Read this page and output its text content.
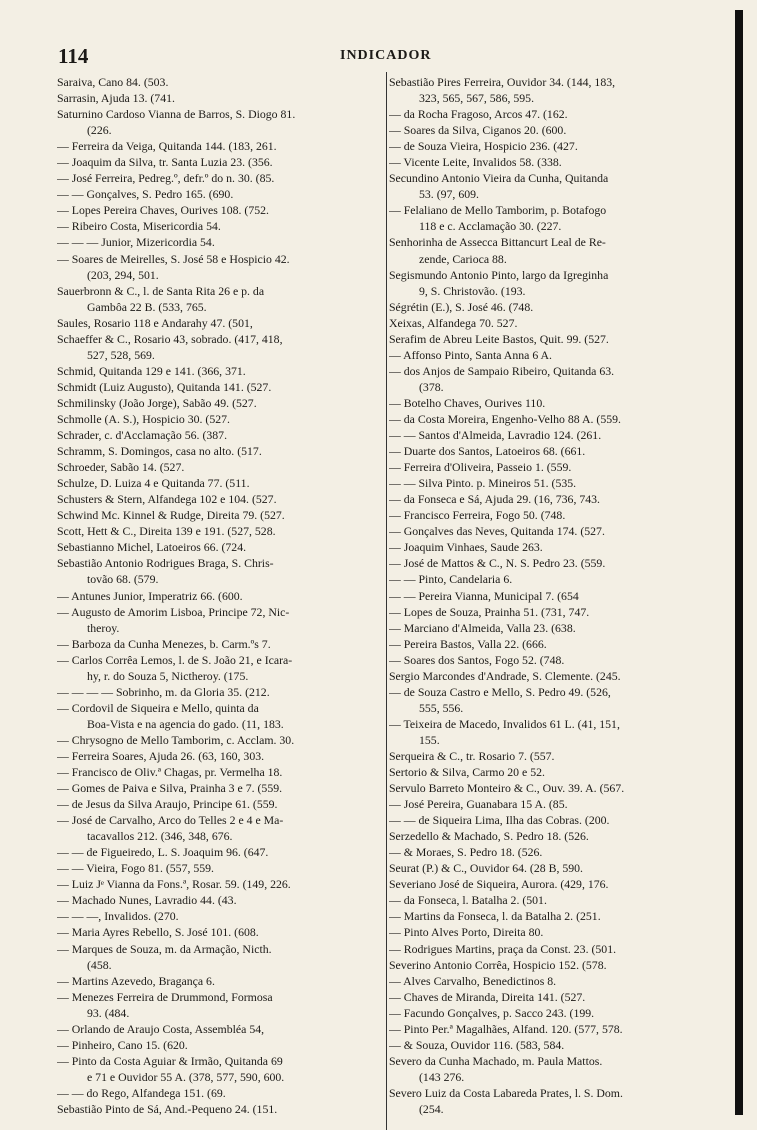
114	INDICADOR
Saraiva, Cano 84. (503.
Sarrasin, Ajuda 13. (741.
Saturnino Cardoso Vianna de Barros, S. Diogo 81.
(226.
— Ferreira da Veiga, Quitanda 144. (183, 261.
— Joaquim da Silva, tr. Santa Luzia 23. (356.
— José Ferreira, Pedreg.º, defr.º do n. 30. (85.
— — Gonçalves, S. Pedro 165. (690.
— Lopes Pereira Chaves, Ourives 108. (752.
— Ribeiro Costa, Misericordia 54.
— — — Junior, Mizericordia 54.
— Soares de Meirelles, S. José 58 e Hospicio 42.
(203, 294, 501.
Sauerbronn & C., l. de Santa Rita 26 e p. da
Gambôa 22 B. (533, 765.
Saules, Rosario 118 e Andarahy 47. (501,
Schaeffer & C., Rosario 43, sobrado. (417, 418,
527, 528, 569.
Schmid, Quitanda 129 e 141. (366, 371.
Schmidt (Luiz Augusto), Quitanda 141. (527.
Schmilinsky (João Jorge), Sabão 49. (527.
Schmolle (A. S.), Hospicio 30. (527.
Schrader, c. d'Acclamação 56. (387.
Schramm, S. Domingos, casa no alto. (517.
Schroeder, Sabão 14. (527.
Schulze, D. Luiza 4 e Quitanda 77. (511.
Schusters & Stern, Alfandega 102 e 104. (527.
Schwind Mc. Kinnel & Rudge, Direita 79. (527.
Scott, Hett & C., Direita 139 e 191. (527, 528.
Sebastianno Michel, Latoeiros 66. (724.
Sebastião Antonio Rodrigues Braga, S. Chris-
tovão 68. (579.
— Antunes Junior, Imperatriz 66. (600.
— Augusto de Amorim Lisboa, Principe 72, Nic-
theroy.
— Barboza da Cunha Menezes, b. Carm.ºs 7.
— Carlos Corrêa Lemos, l. de S. João 21, e Icara-
hy, r. do Souza 5, Nictheroy. (175.
— — — — Sobrinho, m. da Gloria 35. (212.
— Cordovil de Siqueira e Mello, quinta da
Boa-Vista e na agencia do gado. (11, 183.
— Chrysogno de Mello Tamborim, c. Acclam. 30.
— Ferreira Soares, Ajuda 26. (63, 160, 303.
— Francisco de Oliv.ª Chagas, pr. Vermelha 18.
— Gomes de Paiva e Silva, Prainha 3 e 7. (559.
— de Jesus da Silva Araujo, Principe 61. (559.
— José de Carvalho, Arco do Telles 2 e 4 e Ma-
tacavallos 212. (346, 348, 676.
— — de Figueiredo, L. S. Joaquim 96. (647.
— — Vieira, Fogo 81. (557, 559.
— Luiz Jᵉ Vianna da Fons.ª, Rosar. 59. (149, 226.
— Machado Nunes, Lavradio 44. (43.
— — —, Invalidos. (270.
— Maria Ayres Rebello, S. José 101. (608.
— Marques de Souza, m. da Armação, Nicth.
(458.
— Martins Azevedo, Bragança 6.
— Menezes Ferreira de Drummond, Formosa
93. (484.
— Orlando de Araujo Costa, Assembléa 54,
— Pinheiro, Cano 15. (620.
— Pinto da Costa Aguiar & Irmão, Quitanda 69
e 71 e Ouvidor 55 A. (378, 577, 590, 600.
— — do Rego, Alfandega 151. (69.
Sebastião Pinto de Sá, And.-Pequeno 24. (151.
Sebastião Pires Ferreira, Ouvidor 34. (144, 183,
323, 565, 567, 586, 595.
— da Rocha Fragoso, Arcos 47. (162.
— Soares da Silva, Ciganos 20. (600.
— de Souza Vieira, Hospicio 236. (427.
— Vicente Leite, Invalidos 58. (338.
Secundino Antonio Vieira da Cunha, Quitanda
53. (97, 609.
— Felaliano de Mello Tamborim, p. Botafogo
118 e c. Acclamação 30. (227.
Senhorinha de Assecca Bittancurt Leal de Re-
zende, Carioca 88.
Segismundo Antonio Pinto, largo da Igreginha
9, S. Christovão. (193.
Ségrétin (E.), S. José 46. (748.
Xeixas, Alfandega 70. 527.
Serafim de Abreu Leite Bastos, Quit. 99. (527.
— Affonso Pinto, Santa Anna 6 A.
— dos Anjos de Sampaio Ribeiro, Quitanda 63.
(378.
— Botelho Chaves, Ourives 110.
— da Costa Moreira, Engenho-Velho 88 A. (559.
— — Santos d'Almeida, Lavradio 124. (261.
— Duarte dos Santos, Latoeiros 68. (661.
— Ferreira d'Oliveira, Passeio 1. (559.
— — Silva Pinto. p. Mineiros 51. (535.
— da Fonseca e Sá, Ajuda 29. (16, 736, 743.
— Francisco Ferreira, Fogo 50. (748.
— Gonçalves das Neves, Quitanda 174. (527.
— Joaquim Vinhaes, Saude 263.
— José de Mattos & C., N. S. Pedro 23. (559.
— — Pinto, Candelaria 6.
— — Pereira Vianna, Municipal 7. (654
— Lopes de Souza, Prainha 51. (731, 747.
— Marciano d'Almeida, Valla 23. (638.
— Pereira Bastos, Valla 22. (666.
— Soares dos Santos, Fogo 52. (748.
Sergio Marcondes d'Andrade, S. Clemente. (245.
— de Souza Castro e Mello, S. Pedro 49. (526,
555, 556.
— Teixeira de Macedo, Invalidos 61 L. (41, 151,
155.
Serqueira & C., tr. Rosario 7. (557.
Sertorio & Silva, Carmo 20 e 52.
Servulo Barreto Monteiro & C., Ouv. 39. A. (567.
— José Pereira, Guanabara 15 A. (85.
— — de Siqueira Lima, Ilha das Cobras. (200.
Serzedello & Machado, S. Pedro 18. (526.
— & Moraes, S. Pedro 18. (526.
Seurat (P.) & C., Ouvidor 64. (28 B, 590.
Severiano José de Siqueira, Aurora. (429, 176.
— da Fonseca, l. Batalha 2. (501.
— Martins da Fonseca, l. da Batalha 2. (251.
— Pinto Alves Porto, Direita 80.
— Rodrigues Martins, praça da Const. 23. (501.
Severino Antonio Corrêa, Hospicio 152. (578.
— Alves Carvalho, Benedictinos 8.
— Chaves de Miranda, Direita 141. (527.
— Facundo Gonçalves, p. Sacco 243. (199.
— Pinto Per.ª Magalhães, Alfand. 120. (577, 578.
— & Souza, Ouvidor 116. (583, 584.
Severo da Cunha Machado, m. Paula Mattos.
(143 276.
Severo Luiz da Costa Labareda Prates, l. S. Dom.
(254.
